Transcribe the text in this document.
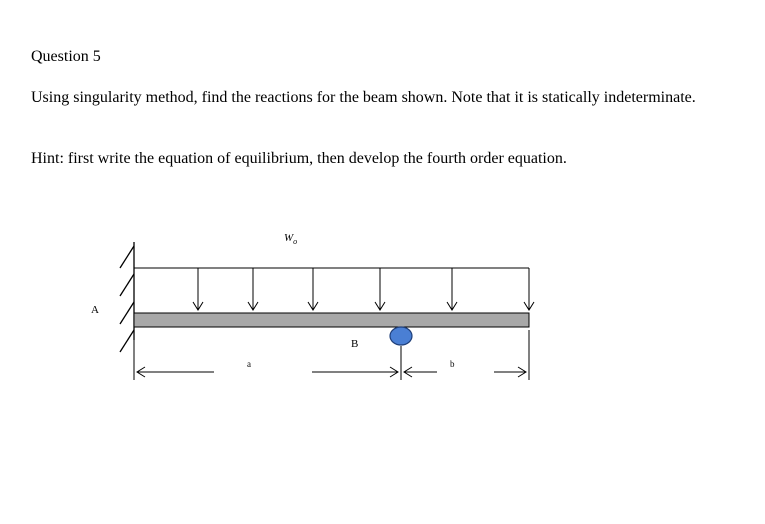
Question 5

Using singularity method, find the reactions for the beam shown. Note that it is statically indeterminate.

Hint: first write the equation of equilibrium, then develop the fourth order equation.

$W_o$
A
B
a	b
